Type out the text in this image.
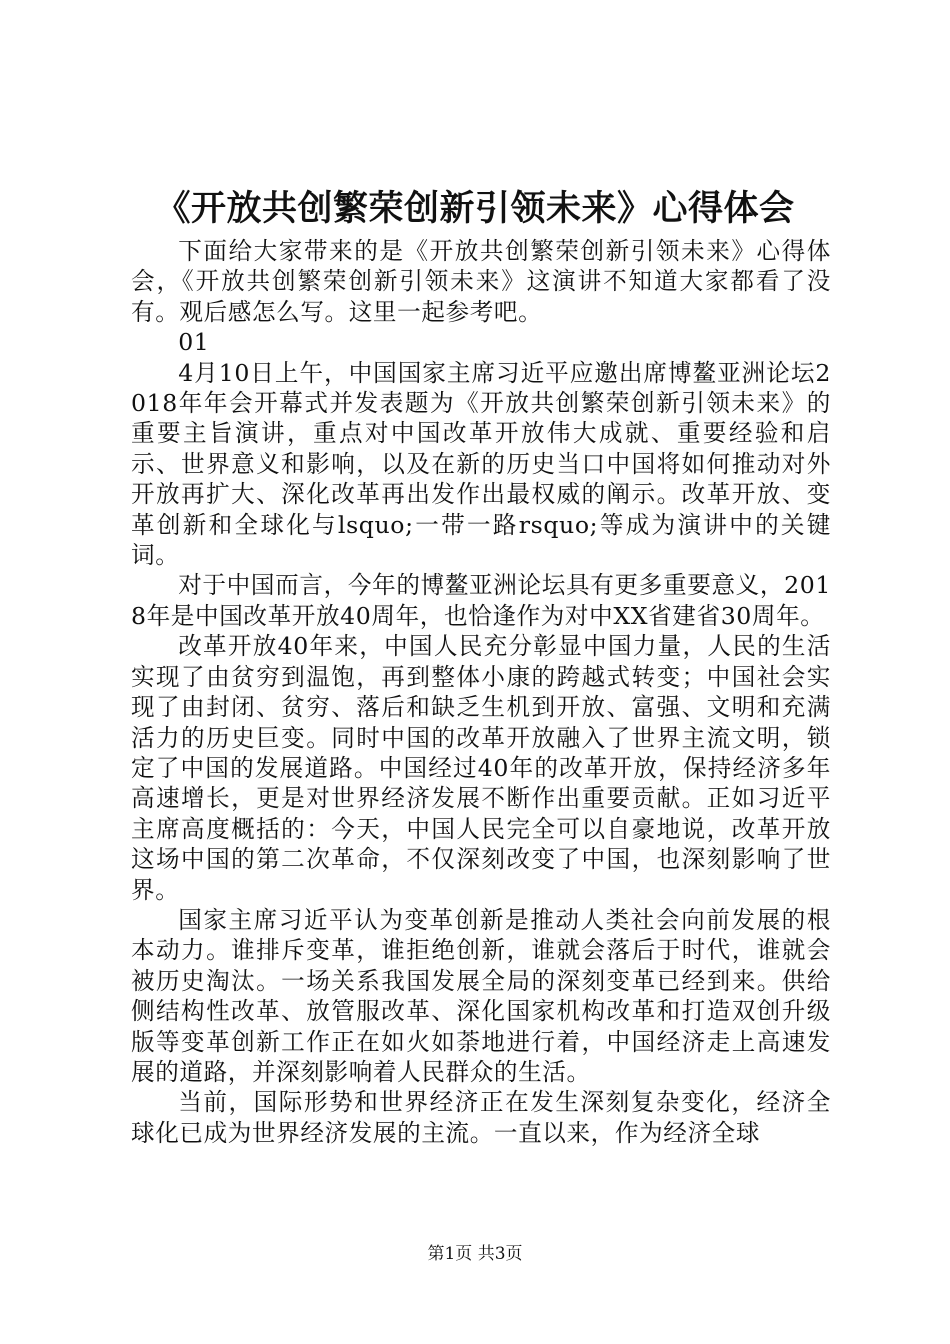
《开放共创繁荣创新引领未来》心得体会

下面给大家带来的是《开放共创繁荣创新引领未来》心得体会，《开放共创繁荣创新引领未来》这演讲不知道大家都看了没有。观后感怎么写。这里一起参考吧。

01

4月10日上午，中国国家主席习近平应邀出席博鳌亚洲论坛2018年年会开幕式并发表题为《开放共创繁荣创新引领未来》的重要主旨演讲，重点对中国改革开放伟大成就、重要经验和启示、世界意义和影响，以及在新的历史当口中国将如何推动对外开放再扩大、深化改革再出发作出最权威的阐示。改革开放、变革创新和全球化与lsquo;一带一路rsquo;等成为演讲中的关键词。

对于中国而言，今年的博鳌亚洲论坛具有更多重要意义，2018年是中国改革开放40周年，也恰逢作为对中XX省建省30周年。

改革开放40年来，中国人民充分彰显中国力量，人民的生活实现了由贫穷到温饱，再到整体小康的跨越式转变；中国社会实现了由封闭、贫穷、落后和缺乏生机到开放、富强、文明和充满活力的历史巨变。同时中国的改革开放融入了世界主流文明，锁定了中国的发展道路。中国经过40年的改革开放，保持经济多年高速增长，更是对世界经济发展不断作出重要贡献。正如习近平主席高度概括的：今天，中国人民完全可以自豪地说，改革开放这场中国的第二次革命，不仅深刻改变了中国，也深刻影响了世界。

国家主席习近平认为变革创新是推动人类社会向前发展的根本动力。谁排斥变革，谁拒绝创新，谁就会落后于时代，谁就会被历史淘汰。一场关系我国发展全局的深刻变革已经到来。供给侧结构性改革、放管服改革、深化国家机构改革和打造双创升级版等变革创新工作正在如火如荼地进行着，中国经济走上高速发展的道路，并深刻影响着人民群众的生活。

当前，国际形势和世界经济正在发生深刻复杂变化，经济全球化已成为世界经济发展的主流。一直以来，作为经济全球

第1页 共3页
